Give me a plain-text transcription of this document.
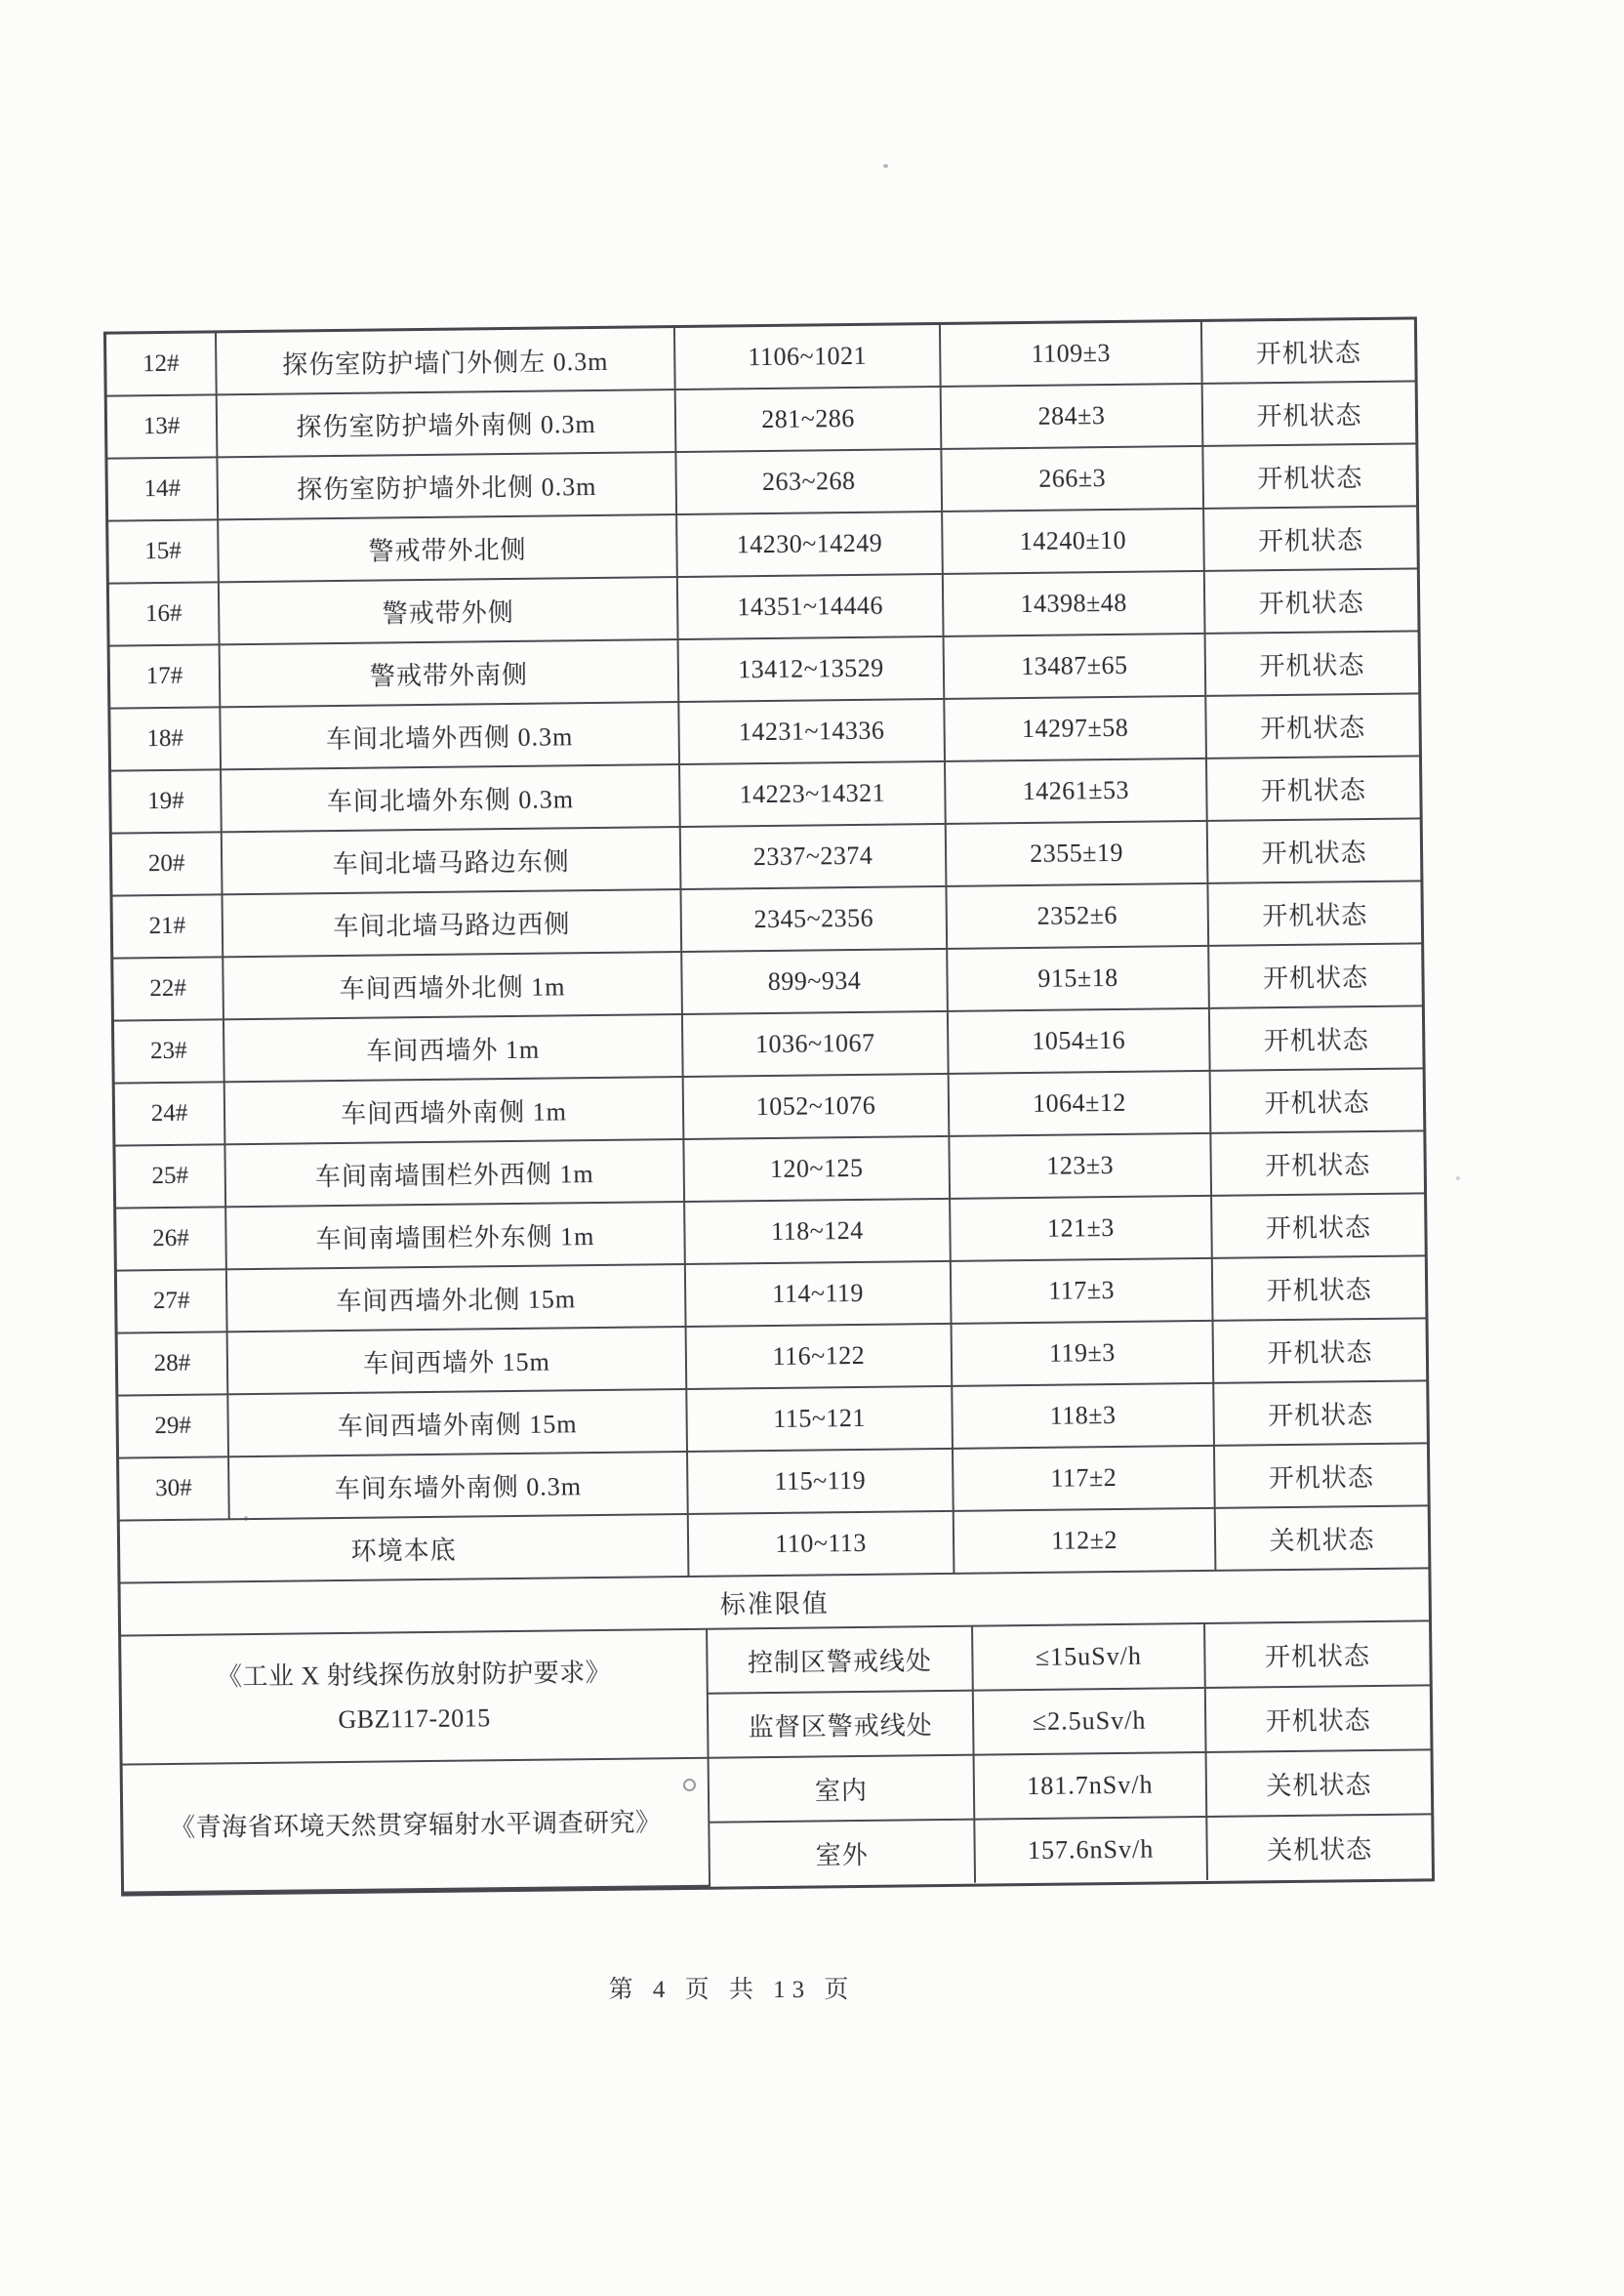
12#	探伤室防护墙门外侧左 0.3m	1106~1021	1109±3	开机状态
13#	探伤室防护墙外南侧 0.3m	281~286	284±3	开机状态
14#	探伤室防护墙外北侧 0.3m	263~268	266±3	开机状态
15#	警戒带外北侧	14230~14249	14240±10	开机状态
16#	警戒带外侧	14351~14446	14398±48	开机状态
17#	警戒带外南侧	13412~13529	13487±65	开机状态
18#	车间北墙外西侧 0.3m	14231~14336	14297±58	开机状态
19#	车间北墙外东侧 0.3m	14223~14321	14261±53	开机状态
20#	车间北墙马路边东侧	2337~2374	2355±19	开机状态
21#	车间北墙马路边西侧	2345~2356	2352±6	开机状态
22#	车间西墙外北侧 1m	899~934	915±18	开机状态
23#	车间西墙外 1m	1036~1067	1054±16	开机状态
24#	车间西墙外南侧 1m	1052~1076	1064±12	开机状态
25#	车间南墙围栏外西侧 1m	120~125	123±3	开机状态
26#	车间南墙围栏外东侧 1m	118~124	121±3	开机状态
27#	车间西墙外北侧 15m	114~119	117±3	开机状态
28#	车间西墙外 15m	116~122	119±3	开机状态
29#	车间西墙外南侧 15m	115~121	118±3	开机状态
30#	车间东墙外南侧 0.3m	115~119	117±2	开机状态
环境本底		110~113	112±2	关机状态
标准限值
《工业 X 射线探伤放射防护要求》
GBZ117-2015	控制区警戒线处	≤15uSv/h	开机状态
	监督区警戒线处	≤2.5uSv/h	开机状态
《青海省环境天然贯穿辐射水平调查研究》	室内	181.7nSv/h	关机状态
	室外	157.6nSv/h	关机状态
第 4 页 共 13 页
